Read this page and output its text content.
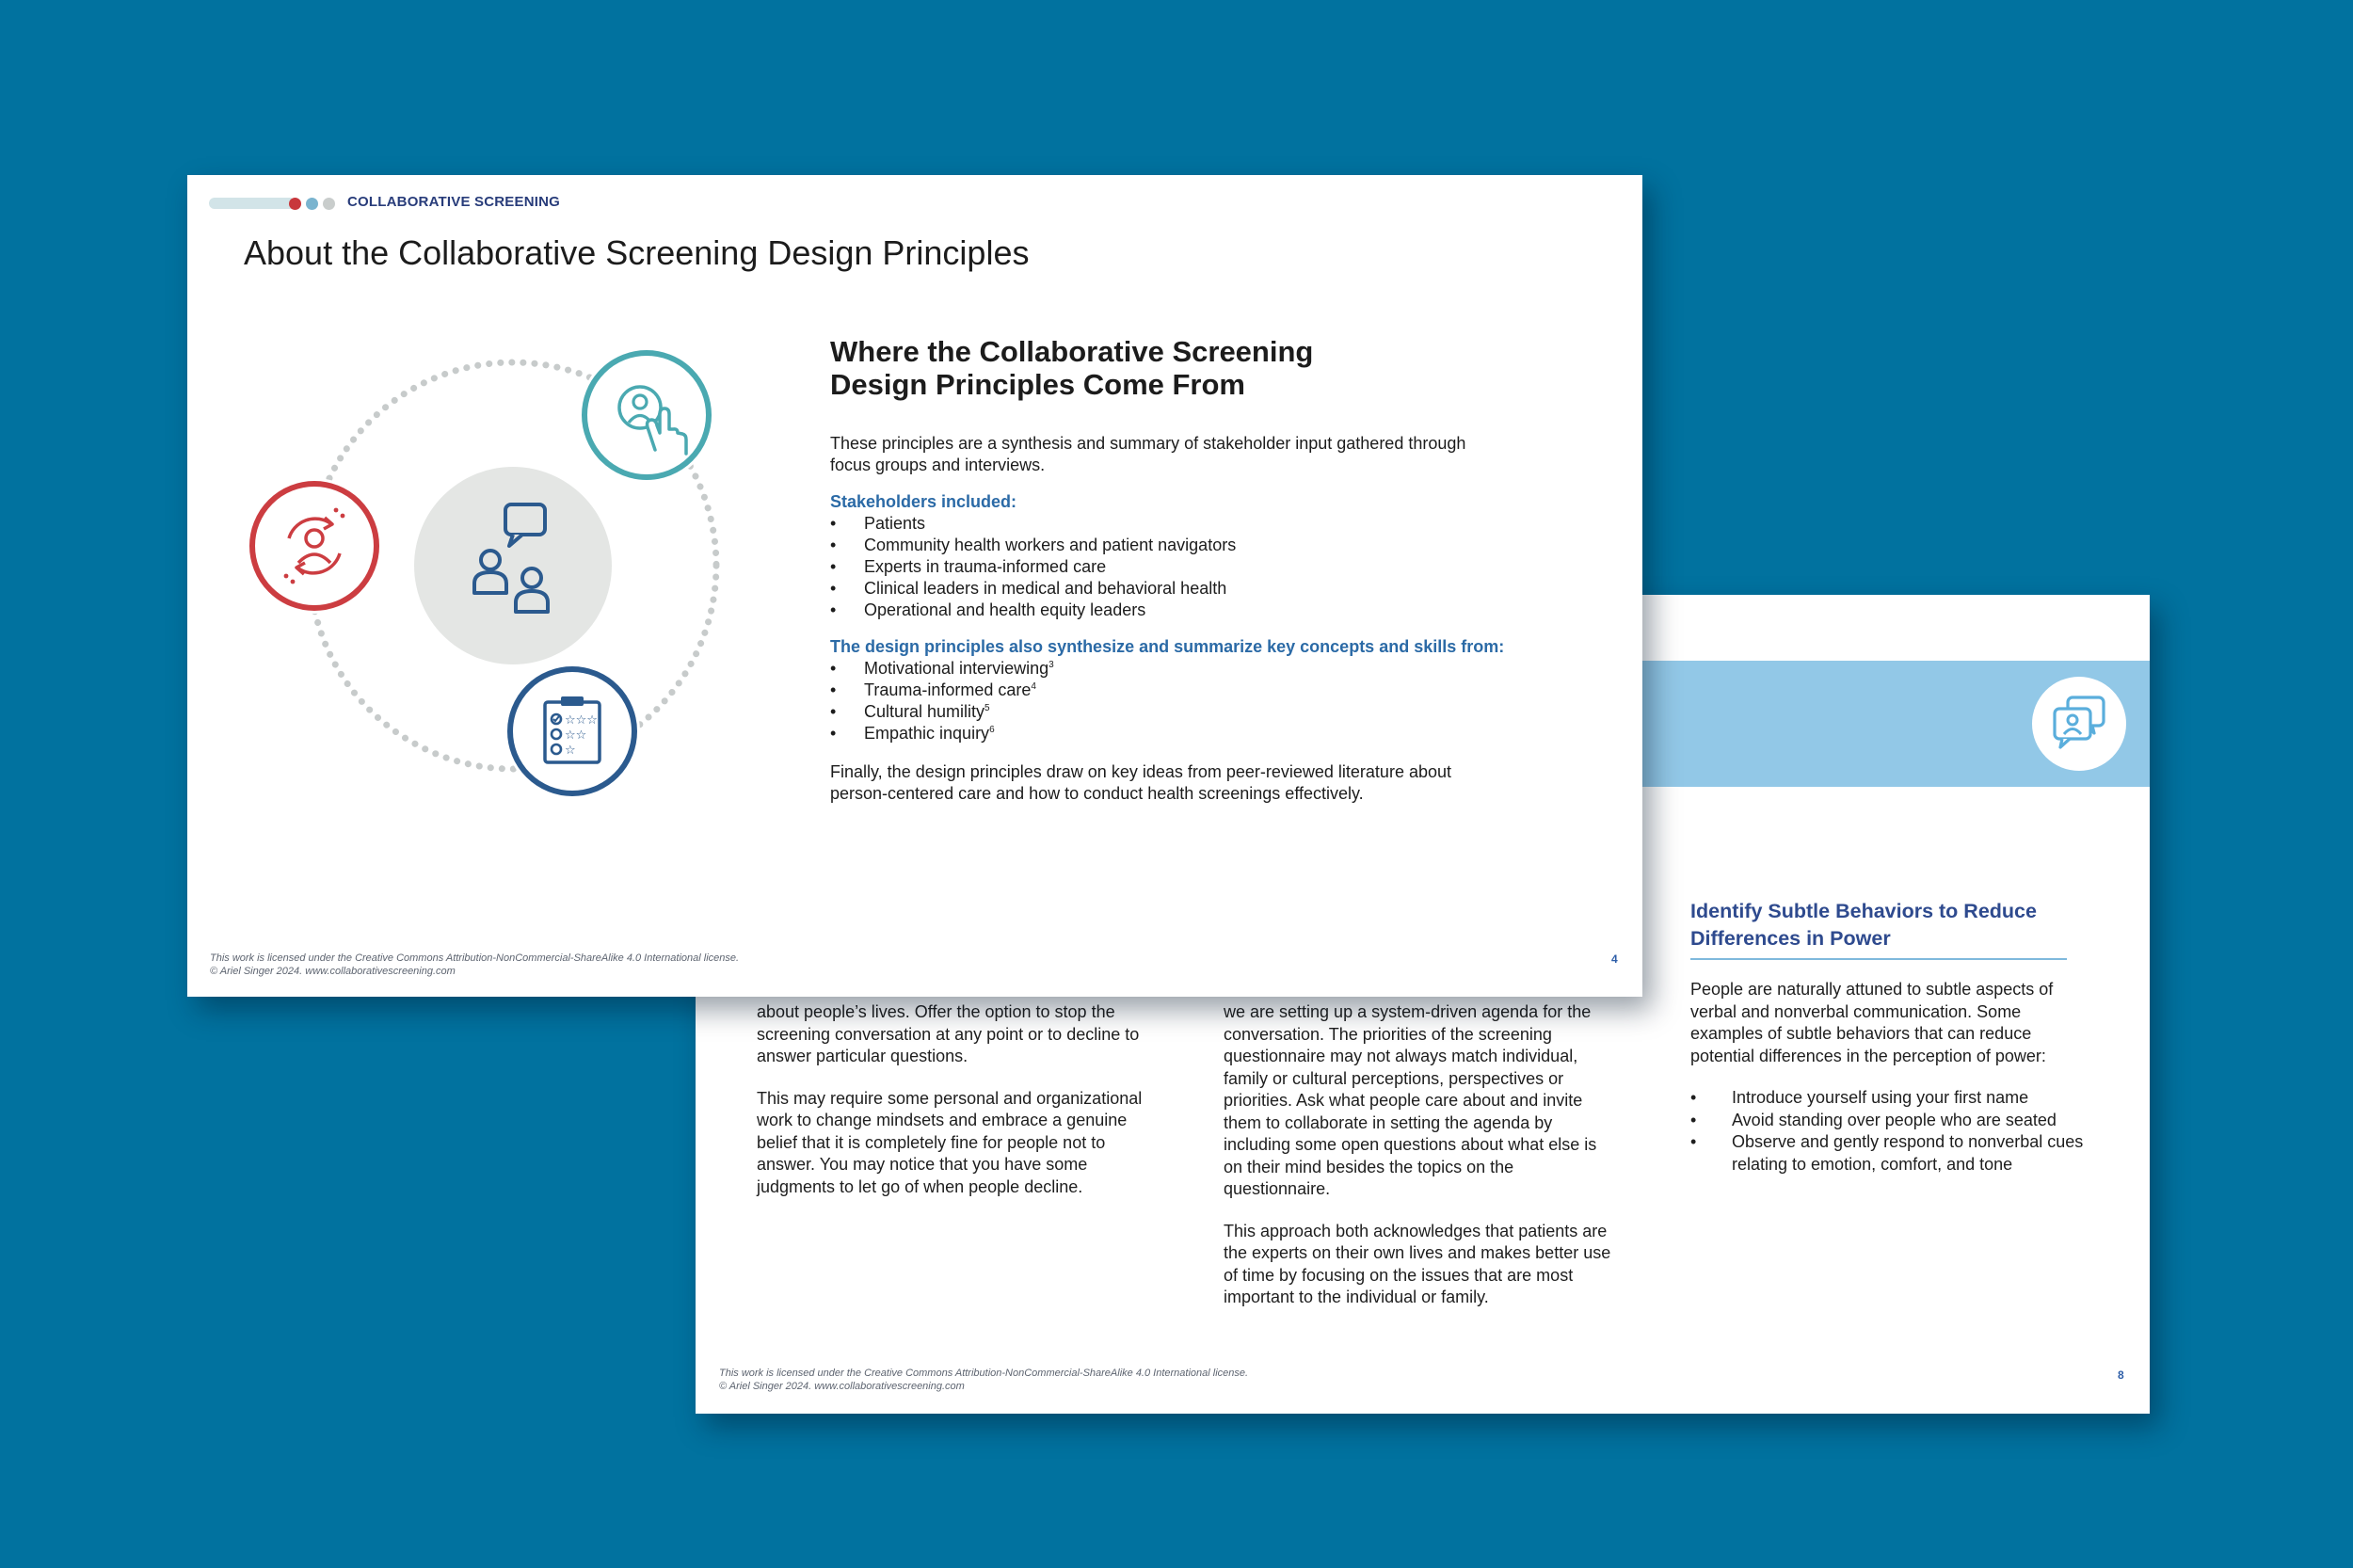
about people’s lives. Offer the option to stop the screening conversation at any point or to decline to answer particular questions.

This may require some personal and organizational work to change mindsets and embrace a genuine belief that it is completely fine for people not to answer. You may notice that you have some judgments to let go of when people decline.

we are setting up a system-driven agenda for the conversation. The priorities of the screening questionnaire may not always match individual, family or cultural perceptions, perspectives or priorities. Ask what people care about and invite them to collaborate in setting the agenda by including some open questions about what else is on their mind besides the topics on the questionnaire.

This approach both acknowledges that patients are the experts on their own lives and makes better use of time by focusing on the issues that are most important to the individual or family.

Identify Subtle Behaviors to Reduce Differences in Power

People are naturally attuned to subtle aspects of verbal and nonverbal communication. Some examples of subtle behaviors that can reduce potential differences in the perception of power:

• Introduce yourself using your first name
• Avoid standing over people who are seated
• Observe and gently respond to nonverbal cues relating to emotion, comfort, and tone
This work is licensed under the Creative Commons Attribution-NonCommercial-ShareAlike 4.0 International license.
© Ariel Singer 2024. www.collaborativescreening.com
8
COLLABORATIVE SCREENING
About the Collaborative Screening Design Principles
☆☆☆
☆☆
☆
Where the Collaborative Screening
Design Principles Come From

These principles are a synthesis and summary of stakeholder input gathered through focus groups and interviews.

Stakeholders included:

• Patients
• Community health workers and patient navigators
• Experts in trauma-informed care
• Clinical leaders in medical and behavioral health
• Operational and health equity leaders

The design principles also synthesize and summarize key concepts and skills from:

• Motivational interviewing$^3$
• Trauma-informed care$^4$
• Cultural humility$^5$
• Empathic inquiry$^6$

Finally, the design principles draw on key ideas from peer-reviewed literature about person-centered care and how to conduct health screenings effectively.

This work is licensed under the Creative Commons Attribution-NonCommercial-ShareAlike 4.0 International license.
© Ariel Singer 2024. www.collaborativescreening.com
4
